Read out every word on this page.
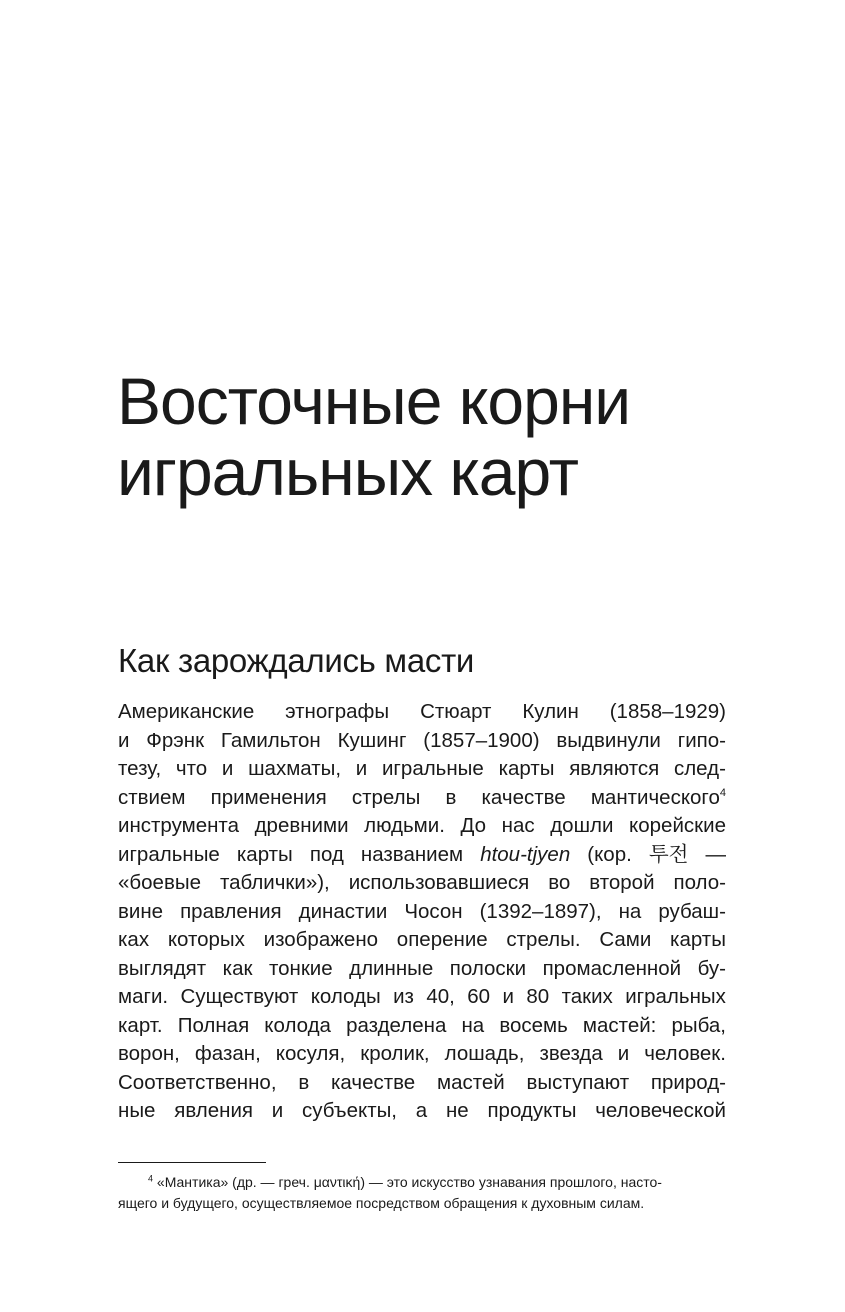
Восточные корни
игральных карт
Как зарождались масти
Американские этнографы Стюарт Кулин (1858–1929)
и Фрэнк Гамильтон Кушинг (1857–1900) выдвинули гипо-
тезу, что и шахматы, и игральные карты являются след-
ствием применения стрелы в качестве мантического$^4$
инструмента древними людьми. До нас дошли корейские
игральные карты под названием htou-tjyen (кор. 투전 —
«боевые таблички»), использовавшиеся во второй поло-
вине правления династии Чосон (1392–1897), на рубаш-
ках которых изображено оперение стрелы. Сами карты
выглядят как тонкие длинные полоски промасленной бу-
маги. Существуют колоды из 40, 60 и 80 таких игральных
карт. Полная колода разделена на восемь мастей: рыба,
ворон, фазан, косуля, кролик, лошадь, звезда и человек.
Соответственно, в качестве мастей выступают природ-
ные явления и субъекты, а не продукты человеческой
$^4$ «Мантика» (др. — греч. μαντική) — это искусство узнавания прошлого, насто-
ящего и будущего, осуществляемое посредством обращения к духовным силам.
